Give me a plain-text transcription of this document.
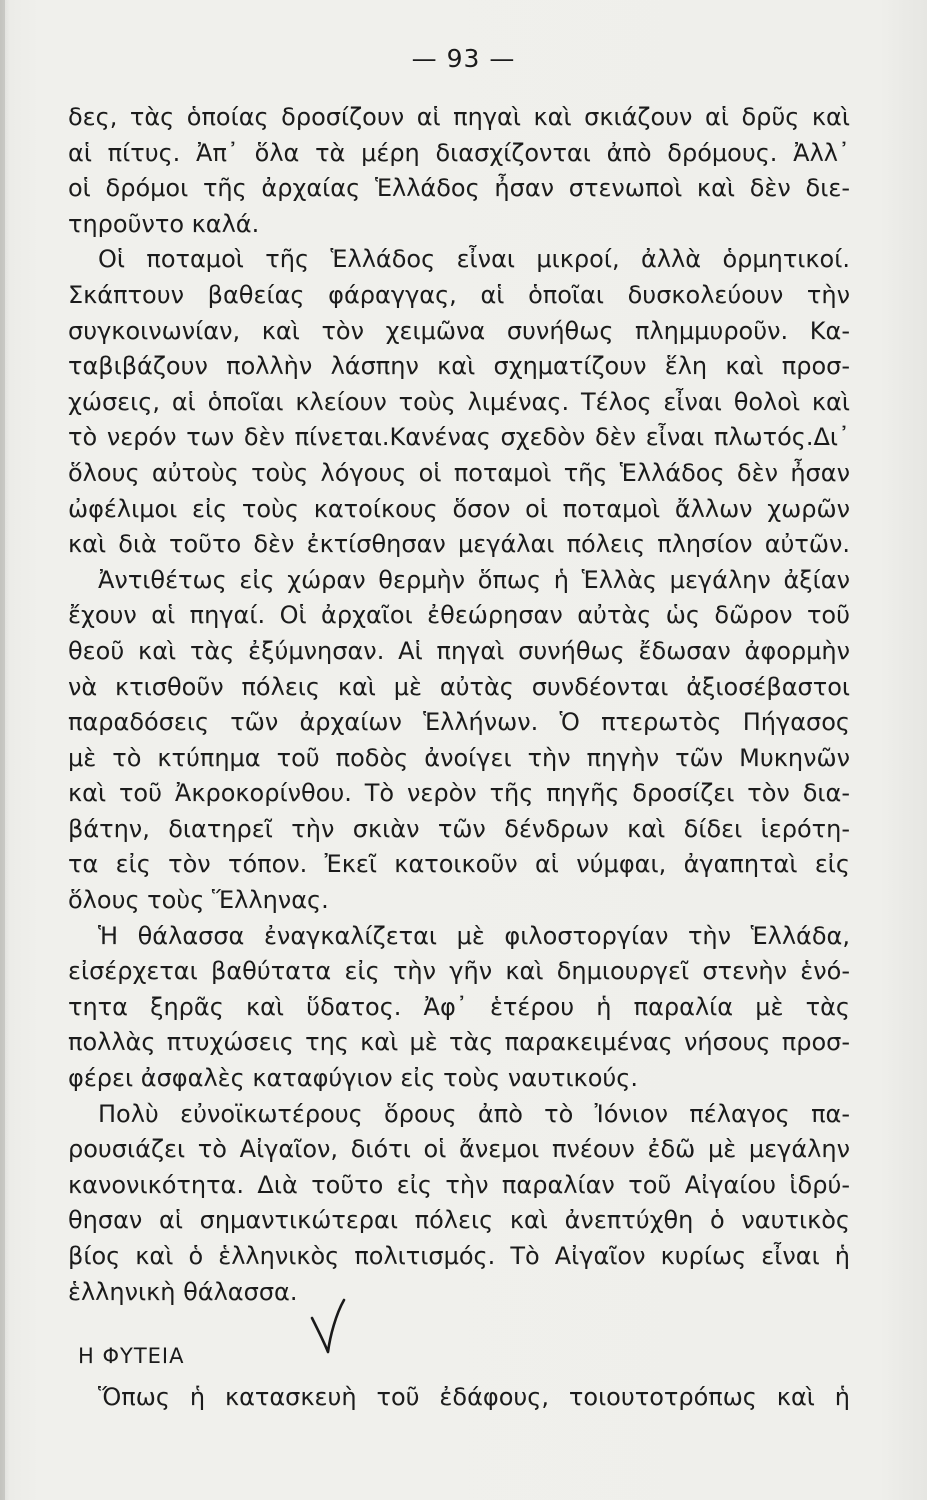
— 93 —
δες, τὰς ὁποίας δροσίζουν αἱ πηγαὶ καὶ σκιάζουν αἱ δρῦς καὶ
αἱ πίτυς. Ἀπ᾽ ὅλα τὰ μέρη διασχίζονται ἀπὸ δρόμους. Ἀλλ᾽
οἱ δρόμοι τῆς ἀρχαίας Ἑλλάδος ἦσαν στενωποὶ καὶ δὲν διε-
τηροῦντο καλά.
Οἱ ποταμοὶ τῆς Ἑλλάδος εἶναι μικροί, ἀλλὰ ὁρμητικοί.
Σκάπτουν βαθείας φάραγγας, αἱ ὁποῖαι δυσκολεύουν τὴν
συγκοινωνίαν, καὶ τὸν χειμῶνα συνήθως πλημμυροῦν. Κα-
ταβιβάζουν πολλὴν λάσπην καὶ σχηματίζουν ἕλη καὶ προσ-
χώσεις, αἱ ὁποῖαι κλείουν τοὺς λιμένας. Τέλος εἶναι θολοὶ καὶ
τὸ νερόν των δὲν πίνεται.Κανένας σχεδὸν δὲν εἶναι πλωτός.Δι᾽
ὅλους αὐτοὺς τοὺς λόγους οἱ ποταμοὶ τῆς Ἑλλάδος δὲν ἦσαν
ὠφέλιμοι εἰς τοὺς κατοίκους ὅσον οἱ ποταμοὶ ἄλλων χωρῶν
καὶ διὰ τοῦτο δὲν ἐκτίσθησαν μεγάλαι πόλεις πλησίον αὐτῶν.
Ἀντιθέτως εἰς χώραν θερμὴν ὅπως ἡ Ἑλλὰς μεγάλην ἀξίαν
ἔχουν αἱ πηγαί. Οἱ ἀρχαῖοι ἐθεώρησαν αὐτὰς ὡς δῶρον τοῦ
θεοῦ καὶ τὰς ἐξύμνησαν. Αἱ πηγαὶ συνήθως ἔδωσαν ἀφορμὴν
νὰ κτισθοῦν πόλεις καὶ μὲ αὐτὰς συνδέονται ἀξιοσέβαστοι
παραδόσεις τῶν ἀρχαίων Ἑλλήνων. Ὁ πτερωτὸς Πήγασος
μὲ τὸ κτύπημα τοῦ ποδὸς ἀνοίγει τὴν πηγὴν τῶν Μυκηνῶν
καὶ τοῦ Ἀκροκορίνθου. Τὸ νερὸν τῆς πηγῆς δροσίζει τὸν δια-
βάτην, διατηρεῖ τὴν σκιὰν τῶν δένδρων καὶ δίδει ἱερότη-
τα εἰς τὸν τόπον. Ἐκεῖ κατοικοῦν αἱ νύμφαι, ἀγαπηταὶ εἰς
ὅλους τοὺς Ἕλληνας.
Ἡ θάλασσα ἐναγκαλίζεται μὲ φιλοστοργίαν τὴν Ἑλλάδα,
εἰσέρχεται βαθύτατα εἰς τὴν γῆν καὶ δημιουργεῖ στενὴν ἑνό-
τητα ξηρᾶς καὶ ὕδατος. Ἀφ᾽ ἑτέρου ἡ παραλία μὲ τὰς
πολλὰς πτυχώσεις της καὶ μὲ τὰς παρακειμένας νήσους προσ-
φέρει ἀσφαλὲς καταφύγιον εἰς τοὺς ναυτικούς.
Πολὺ εὐνοϊκωτέρους ὅρους ἀπὸ τὸ Ἰόνιον πέλαγος πα-
ρουσιάζει τὸ Αἰγαῖον, διότι οἱ ἄνεμοι πνέουν ἐδῶ μὲ μεγάλην
κανονικότητα. Διὰ τοῦτο εἰς τὴν παραλίαν τοῦ Αἰγαίου ἱδρύ-
θησαν αἱ σημαντικώτεραι πόλεις καὶ ἀνεπτύχθη ὁ ναυτικὸς
βίος καὶ ὁ ἑλληνικὸς πολιτισμός. Τὸ Αἰγαῖον κυρίως εἶναι ἡ
ἑλληνικὴ θάλασσα.
Η ΦΥΤΕΙΑ
Ὅπως ἡ κατασκευὴ τοῦ ἐδάφους, τοιουτοτρόπως καὶ ἡ
